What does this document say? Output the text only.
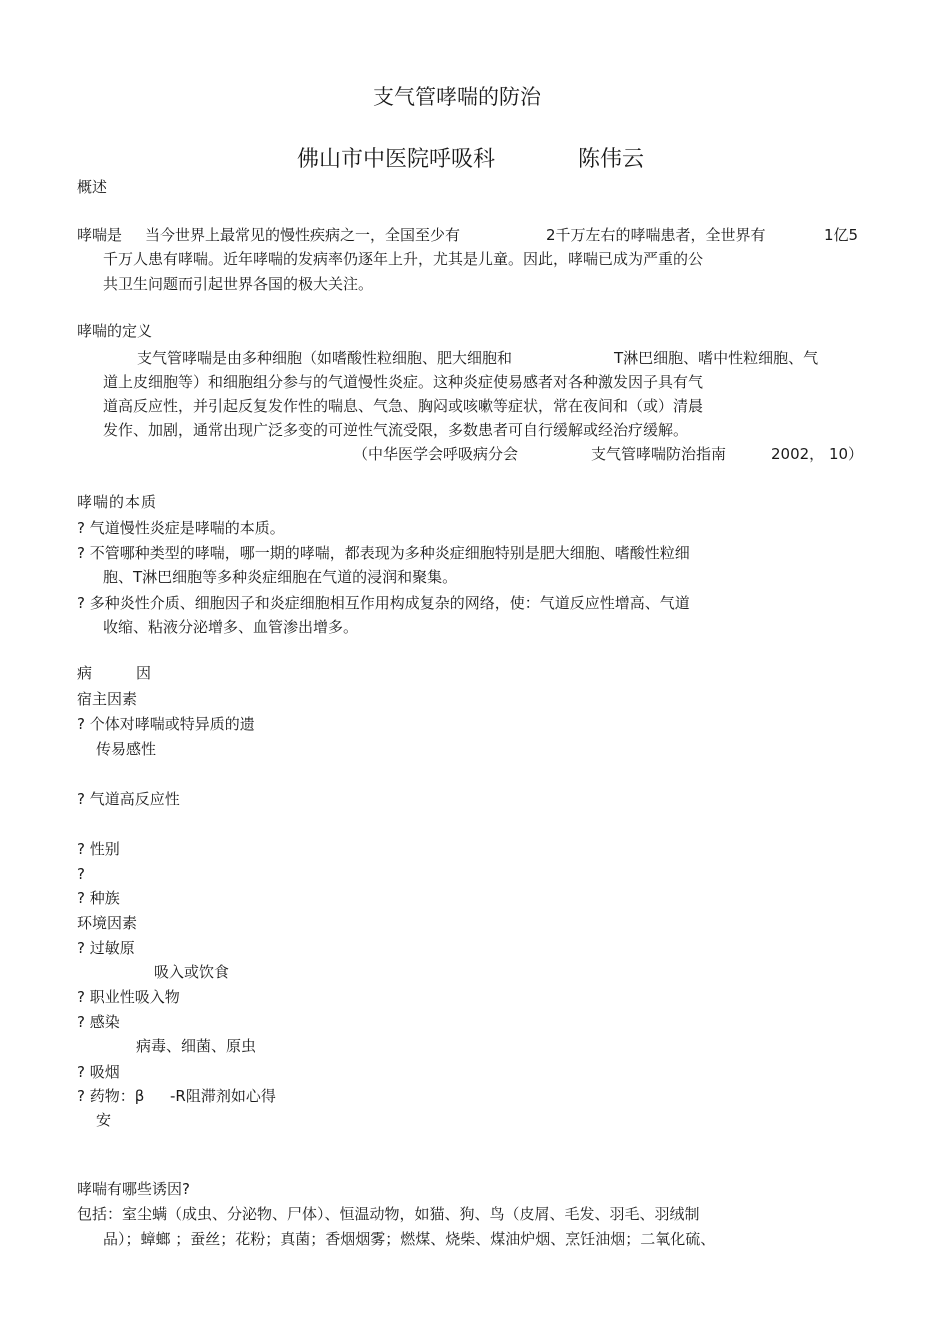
支气管哮喘的防治
佛山市中医院呼吸科	陈伟云
概述
哮喘是 当今世界上最常见的慢性疾病之一，全国至少有	2千万左右的哮喘患者，全世界有	1亿5
千万人患有哮喘。近年哮喘的发病率仍逐年上升，尤其是儿童。因此，哮喘已成为严重的公
共卫生问题而引起世界各国的极大关注。
哮喘的定义
支气管哮喘是由多种细胞（如嗜酸性粒细胞、肥大细胞和	T淋巴细胞、嗜中性粒细胞、气
道上皮细胞等）和细胞组分参与的气道慢性炎症。这种炎症使易感者对各种激发因子具有气
道高反应性，并引起反复发作性的喘息、气急、胸闷或咳嗽等症状，常在夜间和（或）清晨
发作、加剧，通常出现广泛多变的可逆性气流受限，多数患者可自行缓解或经治疗缓解。
（中华医学会呼吸病分会	支气管哮喘防治指南	2002， 10）
哮喘的本质
? 气道慢性炎症是哮喘的本质。
? 不管哪种类型的哮喘，哪一期的哮喘，都表现为多种炎症细胞特别是肥大细胞、嗜酸性粒细
胞、T淋巴细胞等多种炎症细胞在气道的浸润和聚集。
? 多种炎性介质、细胞因子和炎症细胞相互作用构成复杂的网络，使：气道反应性增高、气道
收缩、粘液分泌增多、血管渗出增多。
病	因
宿主因素
? 个体对哮喘或特异质的遗
传易感性
? 气道高反应性
? 性别
?
? 种族
环境因素
? 过敏原
吸入或饮食
? 职业性吸入物
? 感染
病毒、细菌、原虫
? 吸烟
? 药物：β -R阻滞剂如心得
安
哮喘有哪些诱因?
包括：室尘螨（成虫、分泌物、尸体）、恒温动物，如猫、狗、鸟（皮屑、毛发、羽毛、羽绒制
品）；蟑螂 ；蚕丝；花粉；真菌；香烟烟雾；燃煤、烧柴、煤油炉烟、烹饪油烟；二氧化硫、
